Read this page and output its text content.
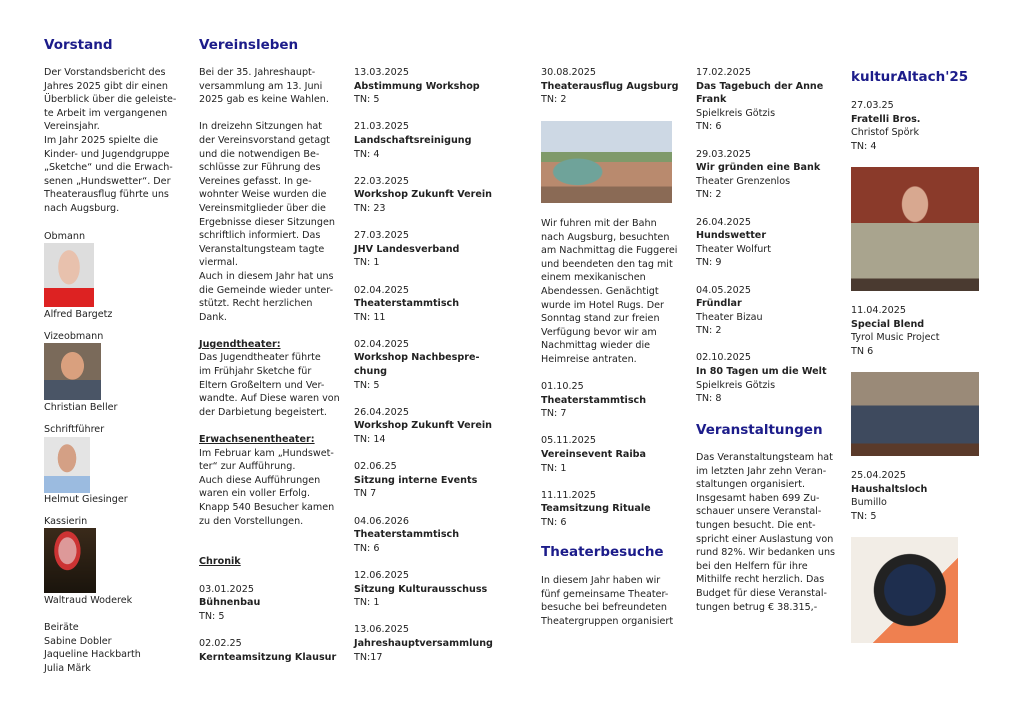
Vorstand
Der Vorstandsbericht des
Jahres 2025 gibt dir einen
Überblick über die geleiste-
te Arbeit im vergangenen
Vereinsjahr.
Im Jahr 2025 spielte die
Kinder- und Jugendgruppe
„Sketche“ und die Erwach-
senen „Hundswetter“. Der
Theaterausflug führte uns
nach Augsburg.
Obmann
Alfred Bargetz
Vizeobmann
Christian Beller
Schriftführer
Helmut Giesinger
Kassierin
Waltraud Woderek
Beiräte
Sabine Dobler
Jaqueline Hackbarth
Julia Märk
Vereinsleben
Bei der 35. Jahreshaupt-
versammlung am 13. Juni
2025 gab es keine Wahlen.
In dreizehn Sitzungen hat
der Vereinsvorstand getagt
und die notwendigen Be-
schlüsse zur Führung des
Vereines gefasst. In ge-
wohnter Weise wurden die
Vereinsmitglieder über die
Ergebnisse dieser Sitzungen
schriftlich informiert. Das
Veranstaltungsteam tagte
viermal.
Auch in diesem Jahr hat uns
die Gemeinde wieder unter-
stützt. Recht herzlichen
Dank.
Jugendtheater:
Das Jugendtheater führte
im Frühjahr Sketche für
Eltern Großeltern und Ver-
wandte. Auf Diese waren von
der Darbietung begeistert.
Erwachsenentheater:
Im Februar kam „Hundswet-
ter“ zur Aufführung.
Auch diese Aufführungen
waren ein voller Erfolg.
Knapp 540 Besucher kamen
zu den Vorstellungen.
Chronik
03.01.2025
Bühnenbau
TN: 5
02.02.25
Kernteamsitzung Klausur
13.03.2025
Abstimmung Workshop
TN: 5
21.03.2025
Landschaftsreinigung
TN: 4
22.03.2025
Workshop Zukunft Verein
TN: 23
27.03.2025
JHV Landesverband
TN: 1
02.04.2025
Theaterstammtisch
TN: 11
02.04.2025
Workshop Nachbespre-
chung
TN: 5
26.04.2025
Workshop Zukunft Verein
TN: 14
02.06.25
Sitzung interne Events
TN 7
04.06.2026
Theaterstammtisch
TN: 6
12.06.2025
Sitzung Kulturausschuss
TN: 1
13.06.2025
Jahreshauptversammlung
TN:17
30.08.2025
Theaterausflug Augsburg
TN: 2
Wir fuhren mit der Bahn
nach Augsburg, besuchten
am Nachmittag die Fuggerei
und beendeten den tag mit
einem mexikanischen
Abendessen. Genächtigt
wurde im Hotel Rugs. Der
Sonntag stand zur freien
Verfügung bevor wir am
Nachmittag wieder die
Heimreise antraten.
01.10.25
Theaterstammtisch
TN: 7
05.11.2025
Vereinsevent Raiba
TN: 1
11.11.2025
Teamsitzung Rituale
TN: 6
Theaterbesuche
In diesem Jahr haben wir
fünf gemeinsame Theater-
besuche bei befreundeten
Theatergruppen organisiert
17.02.2025
Das Tagebuch der Anne
Frank
Spielkreis Götzis
TN: 6
29.03.2025
Wir gründen eine Bank
Theater Grenzenlos
TN: 2
26.04.2025
Hundswetter
Theater Wolfurt
TN: 9
04.05.2025
Fründlar
Theater Bizau
TN: 2
02.10.2025
In 80 Tagen um die Welt
Spielkreis Götzis
TN: 8
Veranstaltungen
Das Veranstaltungsteam hat
im letzten Jahr zehn Veran-
staltungen organisiert.
Insgesamt haben 699 Zu-
schauer unsere Veranstal-
tungen besucht. Die ent-
spricht einer Auslastung von
rund 82%. Wir bedanken uns
bei den Helfern für ihre
Mithilfe recht herzlich. Das
Budget für diese Veranstal-
tungen betrug € 38.315,-
kulturAltach'25
27.03.25
Fratelli Bros.
Christof Spörk
TN: 4
11.04.2025
Special Blend
Tyrol Music Project
TN 6
25.04.2025
Haushaltsloch
Bumillo
TN: 5
